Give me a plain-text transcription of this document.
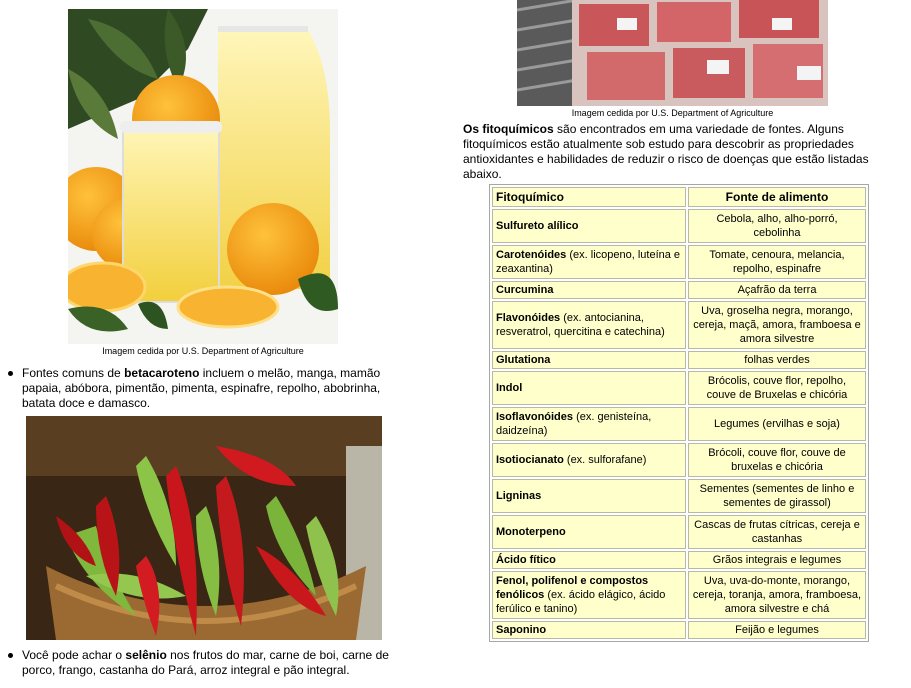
Imagem cedida por U.S. Department of Agriculture
Fontes comuns de betacaroteno incluem o melão, manga, mamão papaia, abóbora, pimentão, pimenta, espinafre, repolho, abobrinha, batata doce e damasco.
Você pode achar o selênio nos frutos do mar, carne de boi, carne de porco, frango, castanha do Pará, arroz integral e pão integral.
Imagem cedida por U.S. Department of Agriculture
Os fitoquímicos são encontrados em uma variedade de fontes. Alguns fitoquímicos estão atualmente sob estudo para descobrir as propriedades antioxidantes e habilidades de reduzir o risco de doenças que estão listadas abaixo.
Fitoquímico	Fonte de alimento
Sulfureto alílico	Cebola, alho, alho-porró, cebolinha
Carotenóides (ex. licopeno, luteína e zeaxantina)	Tomate, cenoura, melancia, repolho, espinafre
Curcumina	Açafrão da terra
Flavonóides (ex. antocianina, resveratrol, quercitina e catechina)	Uva, groselha negra, morango, cereja, maçã, amora, framboesa e amora silvestre
Glutationa	folhas verdes
Indol	Brócolis, couve flor, repolho, couve de Bruxelas e chicória
Isoflavonóides (ex. genisteína, daidzeína)	Legumes (ervilhas e soja)
Isotiocianato (ex. sulforafane)	Brócoli, couve flor, couve de bruxelas e chicória
Ligninas	Sementes (sementes de linho e sementes de girassol)
Monoterpeno	Cascas de frutas cítricas, cereja e castanhas
Ácido fítico	Grãos integrais e legumes
Fenol, polifenol e compostos fenólicos (ex. ácido elágico, ácido ferúlico e tanino)	Uva, uva-do-monte, morango, cereja, toranja, amora, framboesa, amora silvestre e chá
Saponino	Feijão e legumes
